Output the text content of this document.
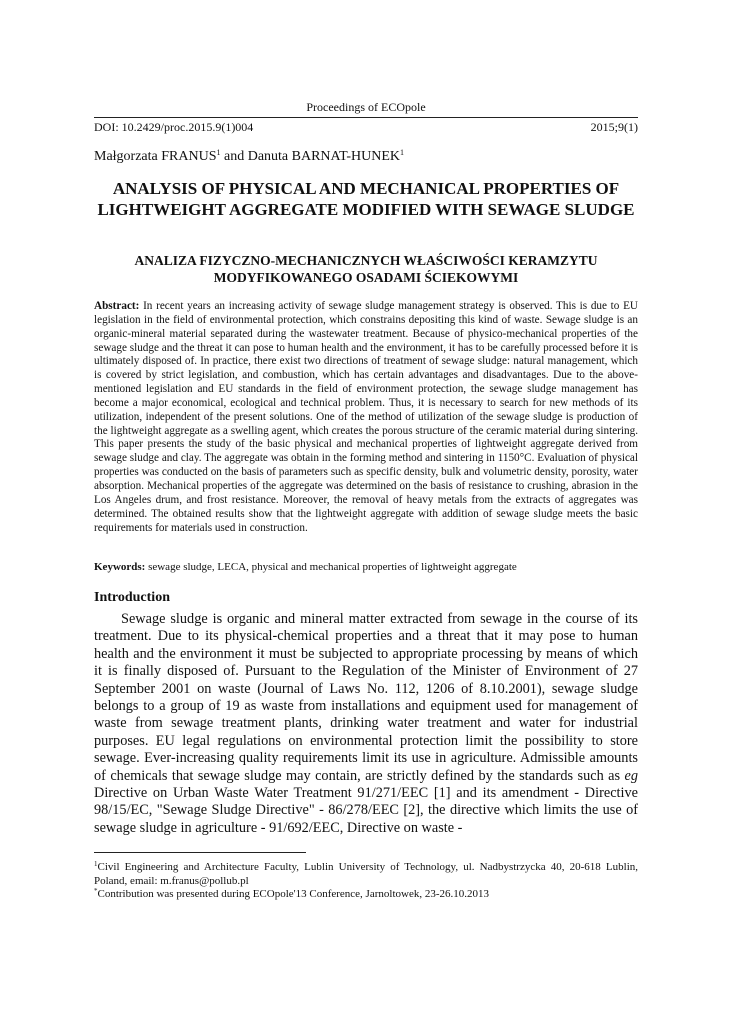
Proceedings of ECOpole
DOI: 10.2429/proc.2015.9(1)004	2015;9(1)
Małgorzata FRANUS$^1$ and Danuta BARNAT-HUNEK$^1$
ANALYSIS OF PHYSICAL AND MECHANICAL PROPERTIES OF LIGHTWEIGHT AGGREGATE MODIFIED WITH SEWAGE SLUDGE
ANALIZA FIZYCZNO-MECHANICZNYCH WŁAŚCIWOŚCI KERAMZYTU MODYFIKOWANEGO OSADAMI ŚCIEKOWYMI

Abstract: In recent years an increasing activity of sewage sludge management strategy is observed. This is due to EU legislation in the field of environmental protection, which constrains depositing this kind of waste. Sewage sludge is an organic-mineral material separated during the wastewater treatment. Because of physico-mechanical properties of the sewage sludge and the threat it can pose to human health and the environment, it has to be carefully processed before it is ultimately disposed of. In practice, there exist two directions of treatment of sewage sludge: natural management, which is covered by strict legislation, and combustion, which has certain advantages and disadvantages. Due to the above-mentioned legislation and EU standards in the field of environment protection, the sewage sludge management has become a major economical, ecological and technical problem. Thus, it is necessary to search for new methods of its utilization, independent of the present solutions. One of the method of utilization of the sewage sludge is production of the lightweight aggregate as a swelling agent, which creates the porous structure of the ceramic material during sintering. This paper presents the study of the basic physical and mechanical properties of lightweight aggregate derived from sewage sludge and clay. The aggregate was obtain in the forming method and sintering in 1150°C. Evaluation of physical properties was conducted on the basis of parameters such as specific density, bulk and volumetric density, porosity, water absorption. Mechanical properties of the aggregate was determined on the basis of resistance to crushing, abrasion in the Los Angeles drum, and frost resistance. Moreover, the removal of heavy metals from the extracts of aggregates was determined. The obtained results show that the lightweight aggregate with addition of sewage sludge meets the basic requirements for materials used in construction.

Keywords: sewage sludge, LECA, physical and mechanical properties of lightweight aggregate

Introduction

Sewage sludge is organic and mineral matter extracted from sewage in the course of its treatment. Due to its physical-chemical properties and a threat that it may pose to human health and the environment it must be subjected to appropriate processing by means of which it is finally disposed of. Pursuant to the Regulation of the Minister of Environment of 27 September 2001 on waste (Journal of Laws No. 112, 1206 of 8.10.2001), sewage sludge belongs to a group of 19 as waste from installations and equipment used for management of waste from sewage treatment plants, drinking water treatment and water for industrial purposes. EU legal regulations on environmental protection limit the possibility to store sewage. Ever-increasing quality requirements limit its use in agriculture. Admissible amounts of chemicals that sewage sludge may contain, are strictly defined by the standards such as eg Directive on Urban Waste Water Treatment 91/271/EEC [1] and its amendment - Directive 98/15/EC, "Sewage Sludge Directive" - 86/278/EEC [2], the directive which limits the use of sewage sludge in agriculture - 91/692/EEC, Directive on waste -

$^1$Civil Engineering and Architecture Faculty, Lublin University of Technology, ul. Nadbystrzycka 40, 20-618 Lublin, Poland, email: m.franus@pollub.pl

*Contribution was presented during ECOpole'13 Conference, Jarnoltowek, 23-26.10.2013
